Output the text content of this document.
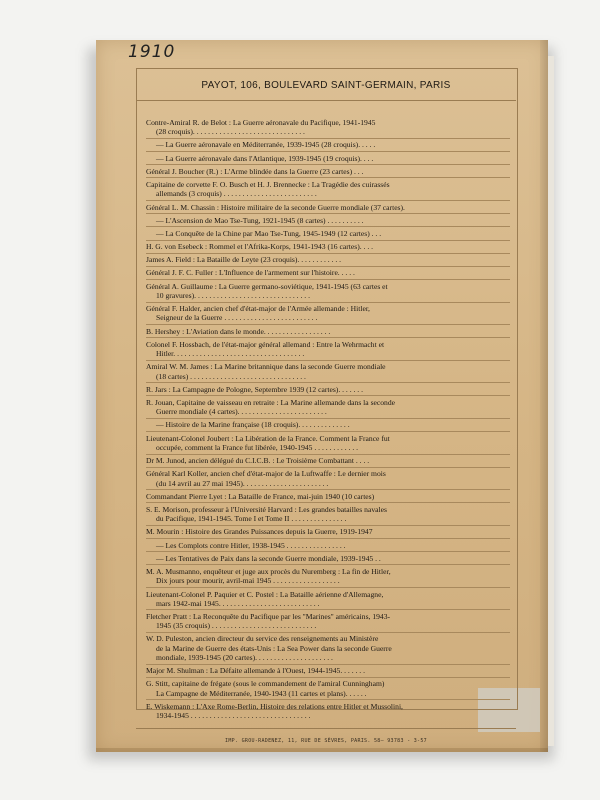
1910
PAYOT, 106, BOULEVARD SAINT-GERMAIN, PARIS
Contre-Amiral R. de Belot : La Guerre aéronavale du Pacifique, 1941-1945
(28 croquis). . . . . . . . . . . . . . . . . . . . . . . . . . . . . .
— La Guerre aéronavale en Méditerranée, 1939-1945 (28 croquis). . . . .
— La Guerre aéronavale dans l'Atlantique, 1939-1945 (19 croquis). . . .
Général J. Boucher (R.) : L'Arme blindée dans la Guerre (23 cartes) . . .
Capitaine de corvette F. O. Busch et H. J. Brennecke : La Tragédie des cuirassés
allemands (3 croquis) . . . . . . . . . . . . . . . . . . . . . . . . .
Général L. M. Chassin : Histoire militaire de la seconde Guerre mondiale (37 cartes).
— L'Ascension de Mao Tse-Tung, 1921-1945 (8 cartes) . . . . . . . . . .
— La Conquête de la Chine par Mao Tse-Tung, 1945-1949 (12 cartes) . . .
H. G. von Esebeck : Rommel et l'Afrika-Korps, 1941-1943 (16 cartes). . . .
James A. Field : La Bataille de Leyte (23 croquis). . . . . . . . . . . .
Général J. F. C. Fuller : L'Influence de l'armement sur l'histoire. . . . .
Général A. Guillaume : La Guerre germano-soviétique, 1941-1945 (63 cartes et
10 gravures). . . . . . . . . . . . . . . . . . . . . . . . . . . . . . .
Général F. Halder, ancien chef d'état-major de l'Armée allemande : Hitler,
Seigneur de la Guerre . . . . . . . . . . . . . . . . . . . . . . . . .
B. Hershey : L'Aviation dans le monde. . . . . . . . . . . . . . . . . .
Colonel F. Hossbach, de l'état-major général allemand : Entre la Wehrmacht et
Hitler. . . . . . . . . . . . . . . . . . . . . . . . . . . . . . . . . . .
Amiral W. M. James : La Marine britannique dans la seconde Guerre mondiale
(18 cartes) . . . . . . . . . . . . . . . . . . . . . . . . . . . . . . .
R. Jars : La Campagne de Pologne, Septembre 1939 (12 cartes). . . . . . .
R. Jouan, Capitaine de vaisseau en retraite : La Marine allemande dans la seconde
Guerre mondiale (4 cartes). . . . . . . . . . . . . . . . . . . . . . . .
— Histoire de la Marine française (18 croquis). . . . . . . . . . . . . .
Lieutenant-Colonel Joubert : La Libération de la France. Comment la France fut
occupée, comment la France fut libérée, 1940-1945 . . . . . . . . . . . .
Dr M. Junod, ancien délégué du C.I.C.B. : Le Troisième Combattant . . . .
Général Karl Koller, ancien chef d'état-major de la Luftwaffe : Le dernier mois
(du 14 avril au 27 mai 1945). . . . . . . . . . . . . . . . . . . . . . .
Commandant Pierre Lyet : La Bataille de France, mai-juin 1940 (10 cartes)
S. E. Morison, professeur à l'Université Harvard : Les grandes batailles navales
du Pacifique, 1941-1945. Tome I et Tome II . . . . . . . . . . . . . . .
M. Mourin : Histoire des Grandes Puissances depuis la Guerre, 1919-1947
— Les Complots contre Hitler, 1938-1945 . . . . . . . . . . . . . . . .
— Les Tentatives de Paix dans la seconde Guerre mondiale, 1939-1945 . .
M. A. Musmanno, enquêteur et juge aux procès du Nuremberg : La fin de Hitler,
Dix jours pour mourir, avril-mai 1945 . . . . . . . . . . . . . . . . . .
Lieutenant-Colonel P. Paquier et C. Postel : La Bataille aérienne d'Allemagne,
mars 1942-mai 1945. . . . . . . . . . . . . . . . . . . . . . . . . . .
Fletcher Pratt : La Reconquête du Pacifique par les "Marines" américains, 1943-
1945 (35 croquis) . . . . . . . . . . . . . . . . . . . . . . . . . . . .
W. D. Puleston, ancien directeur du service des renseignements au Ministère
de la Marine de Guerre des états-Unis : La Sea Power dans la seconde Guerre
mondiale, 1939-1945 (20 cartes). . . . . . . . . . . . . . . . . . . . .
Major M. Shulman : La Défaite allemande à l'Ouest, 1944-1945. . . . . . .
G. Stitt, capitaine de frégate (sous le commandement de l'amiral Cunningham)
La Campagne de Méditerranée, 1940-1943 (11 cartes et plans). . . . . .
E. Wiskemann : L'Axe Rome-Berlin, Histoire des relations entre Hitler et Mussolini,
1934-1945 . . . . . . . . . . . . . . . . . . . . . . . . . . . . . . . .
IMP. GROU-RADENEZ, 11, RUE DE SÈVRES, PARIS. 58— 93783 - 3-57
